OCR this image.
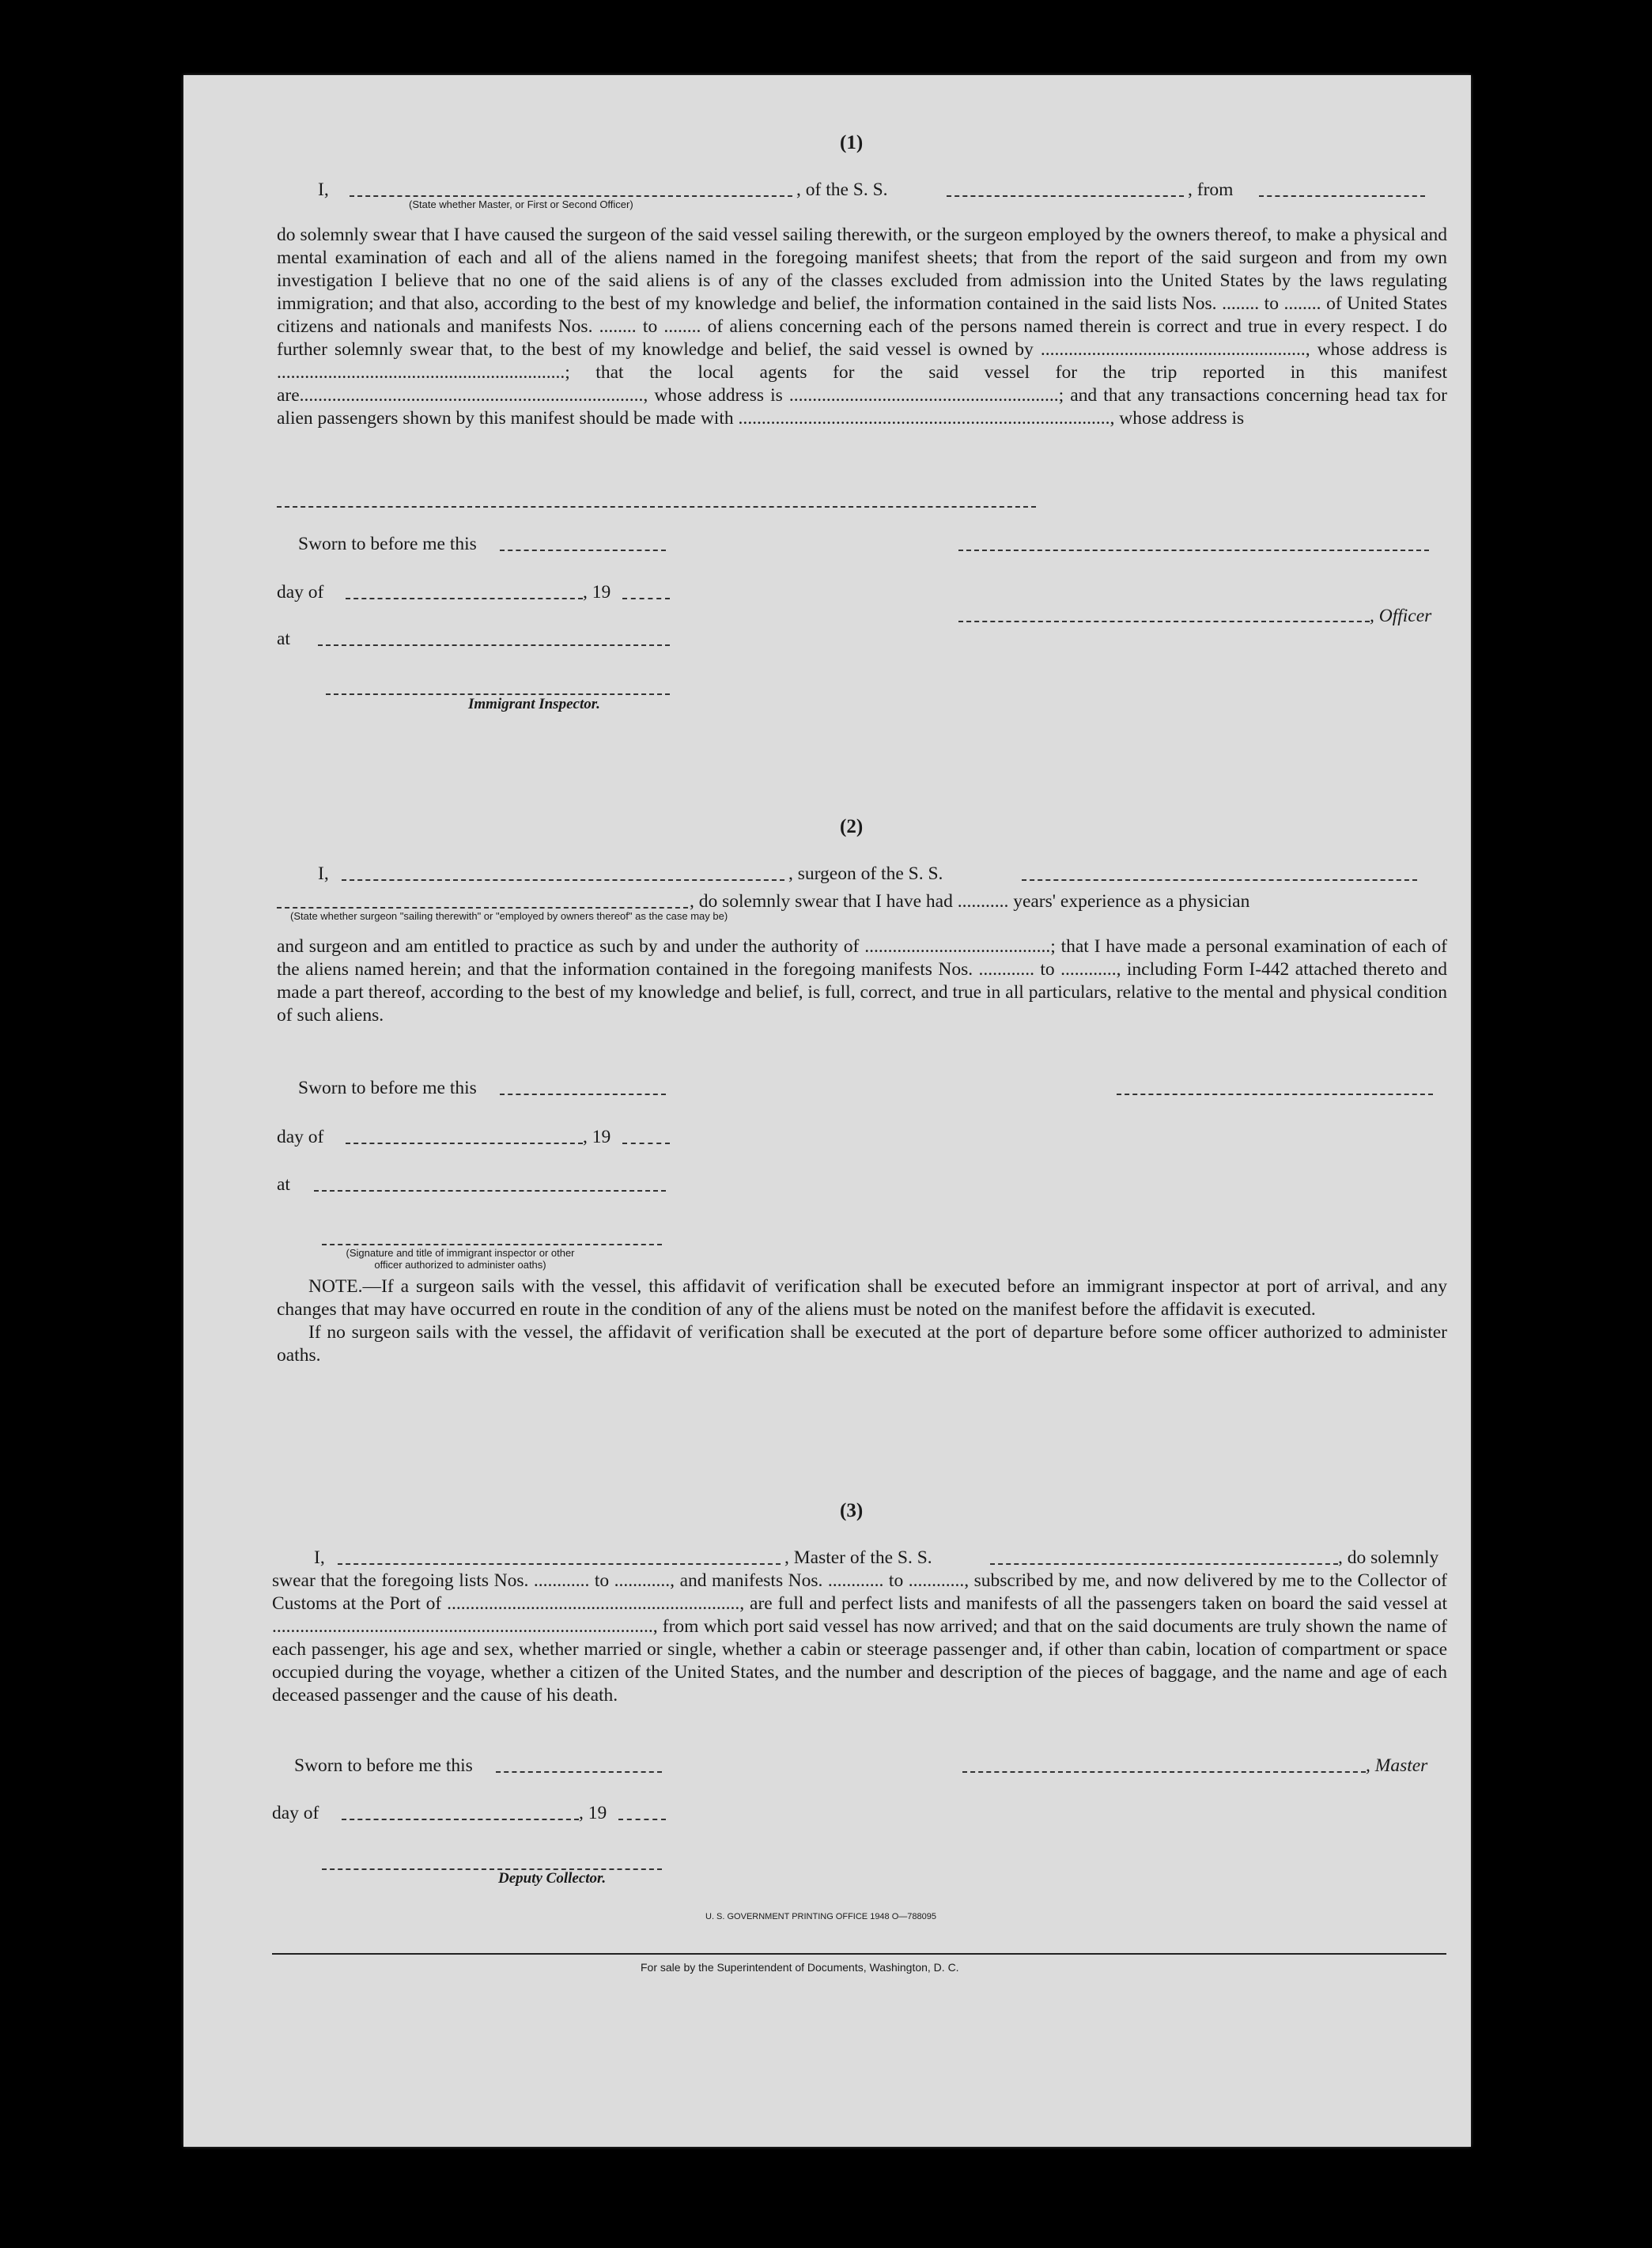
(1)
I,	, of the S. S.	, from
(State whether Master, or First or Second Officer)

do solemnly swear that I have caused the surgeon of the said vessel sailing therewith, or the surgeon employed by the owners thereof, to make a physical and mental examination of each and all of the aliens named in the foregoing manifest sheets; that from the report of the said surgeon and from my own investigation I believe that no one of the said aliens is of any of the classes excluded from admission into the United States by the laws regulating immigration; and that also, according to the best of my knowledge and belief, the information contained in the said lists Nos. ........ to ........ of United States citizens and nationals and manifests Nos. ........ to ........ of aliens concerning each of the persons named therein is correct and true in every respect. I do further solemnly swear that, to the best of my knowledge and belief, the said vessel is owned by ........................................................., whose address is ..............................................................; that the local agents for the said vessel for the trip reported in this manifest are.........................................................................., whose address is ..........................................................; and that any transactions concerning head tax for alien passengers shown by this manifest should be made with ................................................................................, whose address is

Sworn to before me this
day of	, 19
, Officer
at
Immigrant Inspector.
(2)
I,	, surgeon of the S. S.
, do solemnly swear that I have had ........... years' experience as a physician
(State whether surgeon "sailing therewith" or "employed by owners thereof" as the case may be)

and surgeon and am entitled to practice as such by and under the authority of ........................................; that I have made a personal examination of each of the aliens named herein; and that the information contained in the foregoing manifests Nos. ............ to ............, including Form I-442 attached thereto and made a part thereof, according to the best of my knowledge and belief, is full, correct, and true in all particulars, relative to the mental and physical condition of such aliens.

Sworn to before me this
day of	, 19
at
(Signature and title of immigrant inspector or other officer authorized to administer oaths)

NOTE.—If a surgeon sails with the vessel, this affidavit of verification shall be executed before an immigrant inspector at port of arrival, and any changes that may have occurred en route in the condition of any of the aliens must be noted on the manifest before the affidavit is executed.

If no surgeon sails with the vessel, the affidavit of verification shall be executed at the port of departure before some officer authorized to administer oaths.

(3)
I,	, Master of the S. S.	, do solemnly

swear that the foregoing lists Nos. ............ to ............, and manifests Nos. ............ to ............, subscribed by me, and now delivered by me to the Collector of Customs at the Port of ..............................................................., are full and perfect lists and manifests of all the passengers taken on board the said vessel at .................................................................................., from which port said vessel has now arrived; and that on the said documents are truly shown the name of each passenger, his age and sex, whether married or single, whether a cabin or steerage passenger and, if other than cabin, location of compartment or space occupied during the voyage, whether a citizen of the United States, and the number and description of the pieces of baggage, and the name and age of each deceased passenger and the cause of his death.

Sworn to before me this	, Master
day of	, 19
Deputy Collector.
U. S. GOVERNMENT PRINTING OFFICE 1948 O—788095
For sale by the Superintendent of Documents, Washington, D. C.
